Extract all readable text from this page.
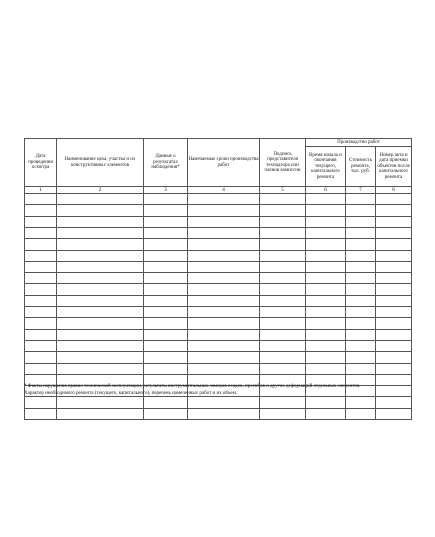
Дата проведения осмотра	Наименование цеха, участка и их конструктивных элементов	Данные о результатах наблюдения*	Намечаемые сроки производства работ	Подпись представителя технадзора или членов комиссии	Производство работ		
					Время начала и окончания текущего, капитального ремонта	Стоимость ремонта, тыс. руб.	Номер акта и дата приемки объектов после капитального ремонта
1	2	3	4	5	6	7	8

* Факты нарушения правил технической эксплуатации, результаты инструментальных замеров осадок, прогибов и других деформаций отдельных элементов.
Характер необходимого ремонта (текущего, капитального), перечень намеченных работ и их объем.
